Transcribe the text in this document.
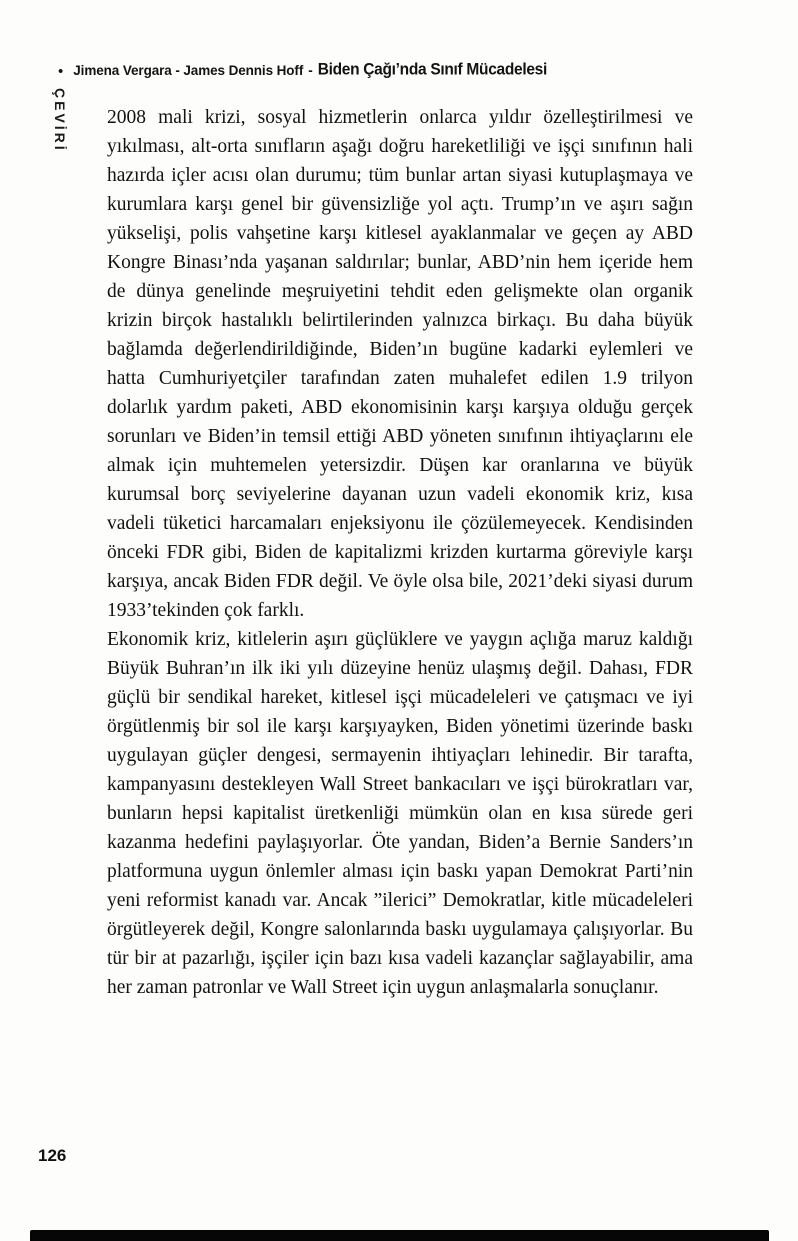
• Jimena Vergara - James Dennis Hoff - Biden Çağı’nda Sınıf Mücadelesi
ÇEVİRİ 2008 mali krizi, sosyal hizmetlerin onlarca yıldır özelleştirilmesi ve yıkılması, alt-orta sınıfların aşağı doğru hareketliliği ve işçi sınıfının hali hazırda içler acısı olan durumu; tüm bunlar artan siyasi kutuplaşmaya ve kurumlara karşı genel bir güvensizliğe yol açtı. Trump’ın ve aşırı sağın yükselişi, polis vahşetine karşı kitlesel ayaklanmalar ve geçen ay ABD Kongre Binası’nda yaşanan saldırılar; bunlar, ABD’nin hem içeride hem de dünya genelinde meşruiyetini tehdit eden gelişmekte olan organik krizin birçok hastalıklı belirtilerinden yalnızca birkaçı. Bu daha büyük bağlamda değerlendirildiğinde, Biden’ın bugüne kadarki eylemleri ve hatta Cumhuriyetçiler tarafından zaten muhalefet edilen 1.9 trilyon dolarlık yardım paketi, ABD ekonomisinin karşı karşıya olduğu gerçek sorunları ve Biden’in temsil ettiği ABD yöneten sınıfının ihtiyaçlarını ele almak için muhtemelen yetersizdir. Düşen kar oranlarına ve büyük kurumsal borç seviyelerine dayanan uzun vadeli ekonomik kriz, kısa vadeli tüketici harcamaları enjeksiyonu ile çözülemeyecek. Kendisinden önceki FDR gibi, Biden de kapitalizmi krizden kurtarma göreviyle karşı karşıya, ancak Biden FDR değil. Ve öyle olsa bile, 2021’deki siyasi durum 1933’tekinden çok farklı.

Ekonomik kriz, kitlelerin aşırı güçlüklere ve yaygın açlığa maruz kaldığı Büyük Buhran’ın ilk iki yılı düzeyine henüz ulaşmış değil. Dahası, FDR güçlü bir sendikal hareket, kitlesel işçi mücadeleleri ve çatışmacı ve iyi örgütlenmiş bir sol ile karşı karşıyayken, Biden yönetimi üzerinde baskı uygulayan güçler dengesi, sermayenin ihtiyaçları lehinedir. Bir tarafta, kampanyasını destekleyen Wall Street bankacıları ve işçi bürokratları var, bunların hepsi kapitalist üretkenliği mümkün olan en kısa sürede geri kazanma hedefini paylaşıyorlar. Öte yandan, Biden’a Bernie Sanders’ın platformuna uygun önlemler alması için baskı yapan Demokrat Parti’nin yeni reformist kanadı var. Ancak ”ilerici” Demokratlar, kitle mücadeleleri örgütleyerek değil, Kongre salonlarında baskı uygulamaya çalışıyorlar. Bu tür bir at pazarlığı, işçiler için bazı kısa vadeli kazançlar sağlayabilir, ama her zaman patronlar ve Wall Street için uygun anlaşmalarla sonuçlanır.

126
